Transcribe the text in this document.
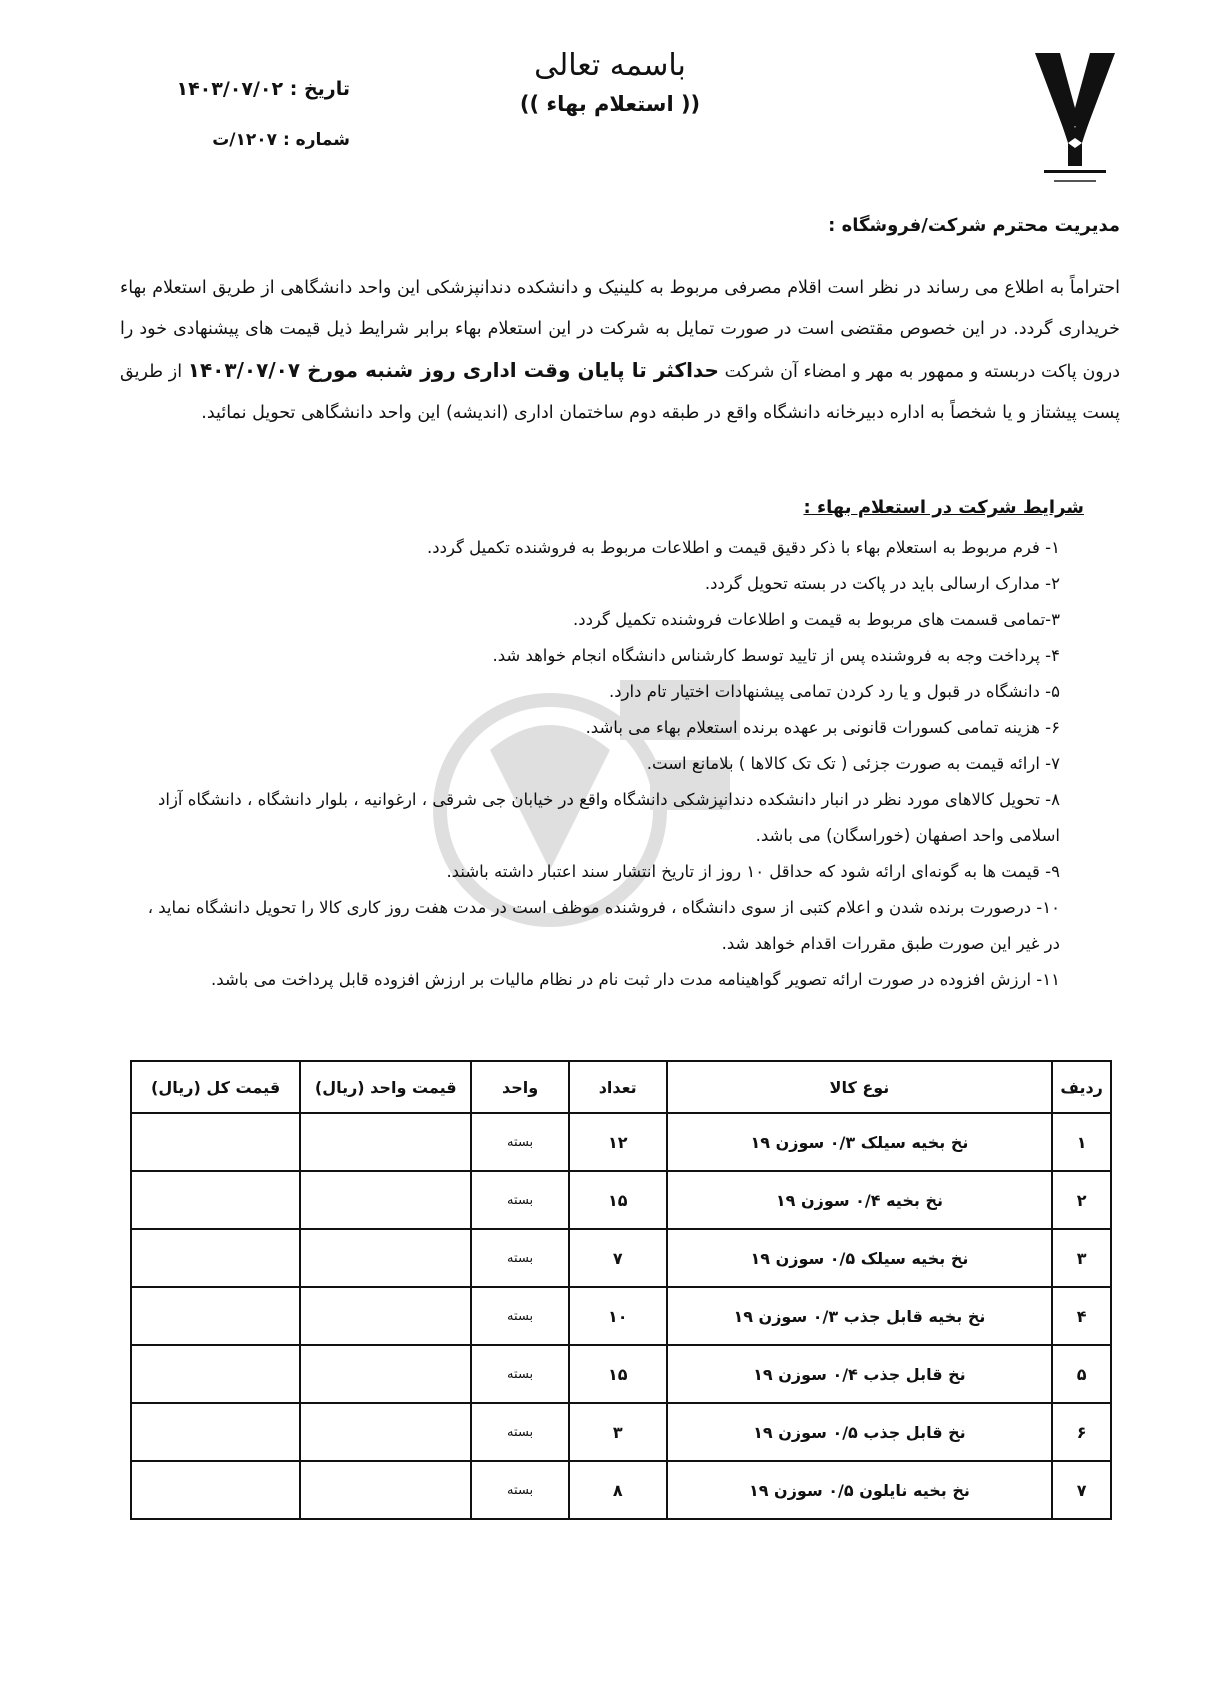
باسمه تعالی
(( استعلام بهاء ))
تاریخ : ۱۴۰۳/۰۷/۰۲
شماره : ۱۲۰۷/ت
مدیریت محترم شرکت/فروشگاه :
احتراماً به اطلاع می رساند در نظر است اقلام مصرفی مربوط به کلینیک و دانشکده دندانپزشکی این واحد دانشگاهی از طریق استعلام بهاء خریداری گردد. در این خصوص مقتضی است در صورت تمایل به شرکت در این استعلام بهاء برابر شرایط ذیل قیمت های پیشنهادی خود را درون پاکت دربسته و ممهور به مهر و امضاء آن شرکت حداکثر تا پایان وقت اداری روز شنبه مورخ ۱۴۰۳/۰۷/۰۷ از طریق پست پیشتاز و یا شخصاً به اداره دبیرخانه دانشگاه واقع در طبقه دوم ساختمان اداری (اندیشه) این واحد دانشگاهی تحویل نمائید.
شرایط شرکت در استعلام بهاء :
۱- فرم مربوط به استعلام بهاء با ذکر دقیق قیمت و اطلاعات مربوط به فروشنده تکمیل گردد.
۲- مدارک ارسالی باید در پاکت در بسته تحویل گردد.
۳-تمامی قسمت های مربوط به قیمت و اطلاعات فروشنده تکمیل گردد.
۴- پرداخت وجه به فروشنده پس از تایید توسط کارشناس دانشگاه انجام خواهد شد.
۵- دانشگاه در قبول و یا رد کردن تمامی پیشنهادات اختیار تام دارد.
۶- هزینه تمامی کسورات قانونی بر عهده برنده استعلام بهاء می باشد.
۷- ارائه قیمت به صورت جزئی ( تک تک کالاها ) بلامانع است.
۸- تحویل کالاهای مورد نظر در انبار دانشکده دندانپزشکی دانشگاه واقع در خیابان جی شرقی ، ارغوانیه ، بلوار دانشگاه ، دانشگاه آزاد اسلامی واحد اصفهان (خوراسگان) می باشد.
۹- قیمت ها به گونه‌ای ارائه شود که حداقل ۱۰ روز از تاریخ انتشار سند اعتبار داشته باشند.
۱۰- درصورت برنده شدن و اعلام کتبی از سوی دانشگاه ، فروشنده موظف است در مدت هفت روز کاری کالا را تحویل دانشگاه نماید ، در غیر این صورت طبق مقررات اقدام خواهد شد.
۱۱- ارزش افزوده در صورت ارائه تصویر گواهینامه مدت دار ثبت نام در نظام مالیات بر ارزش افزوده قابل پرداخت می باشد.
ردیف	نوع کالا	تعداد	واحد	قیمت واحد (ریال)	قیمت کل (ریال)
۱	نخ بخیه سیلک ۰/۳ سوزن ۱۹	۱۲	بسته		
۲	نخ بخیه ۰/۴ سوزن ۱۹	۱۵	بسته		
۳	نخ بخیه سیلک ۰/۵ سوزن ۱۹	۷	بسته		
۴	نخ بخیه قابل جذب ۰/۳ سوزن ۱۹	۱۰	بسته		
۵	نخ قابل جذب ۰/۴ سوزن ۱۹	۱۵	بسته		
۶	نخ قابل جذب ۰/۵ سوزن ۱۹	۳	بسته		
۷	نخ بخیه نایلون ۰/۵ سوزن ۱۹	۸	بسته		
